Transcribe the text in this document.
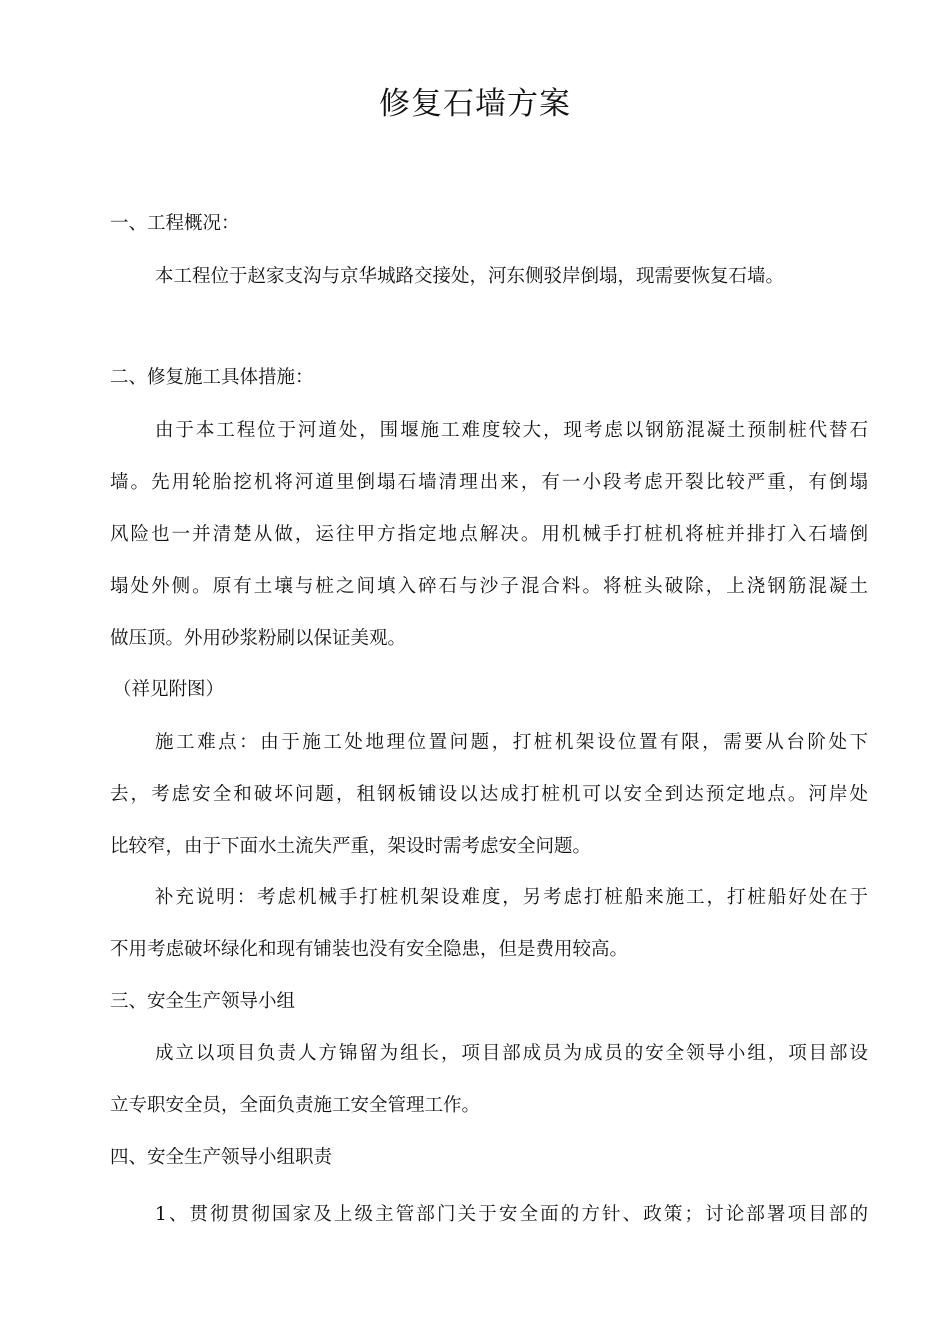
修复石墙方案

一、工程概况：

本工程位于赵家支沟与京华城路交接处，河东侧驳岸倒塌，现需要恢复石墙。

二、修复施工具体措施：

由于本工程位于河道处，围堰施工难度较大，现考虑以钢筋混凝土预制桩代替石

墙。先用轮胎挖机将河道里倒塌石墙清理出来，有一小段考虑开裂比较严重，有倒塌

风险也一并清楚从做，运往甲方指定地点解决。用机械手打桩机将桩并排打入石墙倒

塌处外侧。原有土壤与桩之间填入碎石与沙子混合料。将桩头破除，上浇钢筋混凝土

做压顶。外用砂浆粉刷以保证美观。

（祥见附图）

施工难点：由于施工处地理位置问题，打桩机架设位置有限，需要从台阶处下

去，考虑安全和破坏问题，租钢板铺设以达成打桩机可以安全到达预定地点。河岸处

比较窄，由于下面水土流失严重，架设时需考虑安全问题。

补充说明：考虑机械手打桩机架设难度，另考虑打桩船来施工，打桩船好处在于

不用考虑破坏绿化和现有铺装也没有安全隐患，但是费用较高。

三、安全生产领导小组

成立以项目负责人方锦留为组长，项目部成员为成员的安全领导小组，项目部设

立专职安全员，全面负责施工安全管理工作。

四、安全生产领导小组职责

1、贯彻贯彻国家及上级主管部门关于安全面的方针、政策；讨论部署项目部的
